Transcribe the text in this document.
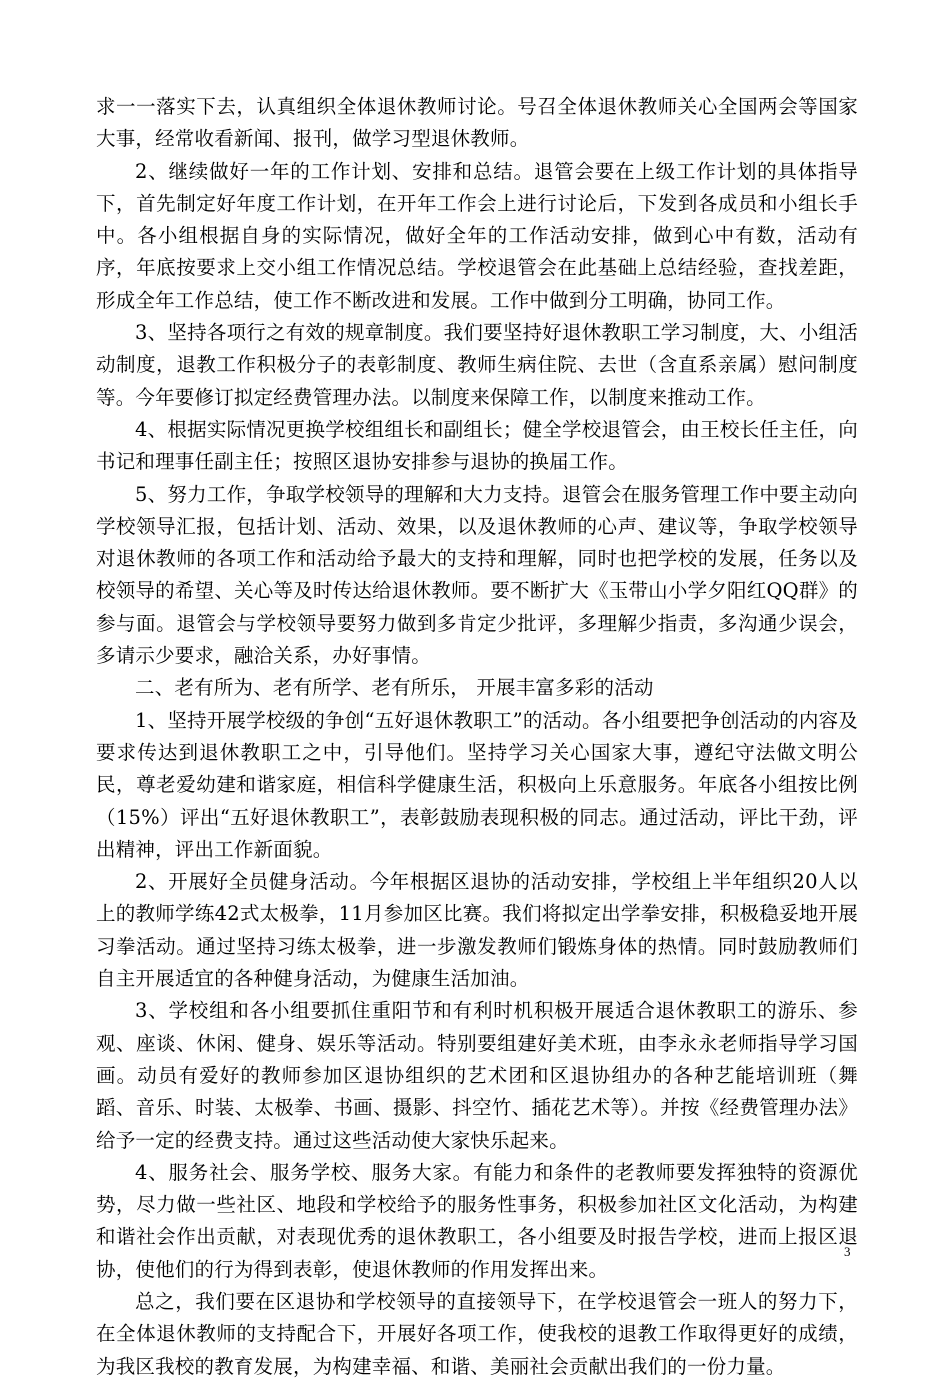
求一一落实下去，认真组织全体退休教师讨论。号召全体退休教师关心全国两会等国家大事，经常收看新闻、报刊，做学习型退休教师。

2、继续做好一年的工作计划、安排和总结。退管会要在上级工作计划的具体指导下，首先制定好年度工作计划，在开年工作会上进行讨论后，下发到各成员和小组长手中。各小组根据自身的实际情况，做好全年的工作活动安排，做到心中有数，活动有序，年底按要求上交小组工作情况总结。学校退管会在此基础上总结经验，查找差距，形成全年工作总结，使工作不断改进和发展。工作中做到分工明确，协同工作。

3、坚持各项行之有效的规章制度。我们要坚持好退休教职工学习制度，大、小组活动制度，退教工作积极分子的表彰制度、教师生病住院、去世（含直系亲属）慰问制度等。今年要修订拟定经费管理办法。以制度来保障工作，以制度来推动工作。

4、根据实际情况更换学校组组长和副组长；健全学校退管会，由王校长任主任，向书记和理事任副主任；按照区退协安排参与退协的换届工作。

5、努力工作，争取学校领导的理解和大力支持。退管会在服务管理工作中要主动向学校领导汇报，包括计划、活动、效果，以及退休教师的心声、建议等，争取学校领导对退休教师的各项工作和活动给予最大的支持和理解，同时也把学校的发展，任务以及校领导的希望、关心等及时传达给退休教师。要不断扩大《玉带山小学夕阳红QQ群》的参与面。退管会与学校领导要努力做到多肯定少批评，多理解少指责，多沟通少误会，多请示少要求，融洽关系，办好事情。

二、老有所为、老有所学、老有所乐， 开展丰富多彩的活动

1、坚持开展学校级的争创“五好退休教职工”的活动。各小组要把争创活动的内容及要求传达到退休教职工之中，引导他们。坚持学习关心国家大事，遵纪守法做文明公民，尊老爱幼建和谐家庭，相信科学健康生活，积极向上乐意服务。年底各小组按比例（15%）评出“五好退休教职工”，表彰鼓励表现积极的同志。通过活动，评比干劲，评出精神，评出工作新面貌。

2、开展好全员健身活动。今年根据区退协的活动安排，学校组上半年组织20人以上的教师学练42式太极拳，11月参加区比赛。我们将拟定出学拳安排，积极稳妥地开展习拳活动。通过坚持习练太极拳，进一步激发教师们锻炼身体的热情。同时鼓励教师们自主开展适宜的各种健身活动，为健康生活加油。

3、学校组和各小组要抓住重阳节和有利时机积极开展适合退休教职工的游乐、参观、座谈、休闲、健身、娱乐等活动。特别要组建好美术班，由李永永老师指导学习国画。动员有爱好的教师参加区退协组织的艺术团和区退协组办的各种艺能培训班（舞蹈、音乐、时装、太极拳、书画、摄影、抖空竹、插花艺术等）。并按《经费管理办法》给予一定的经费支持。通过这些活动使大家快乐起来。

4、服务社会、服务学校、服务大家。有能力和条件的老教师要发挥独特的资源优势，尽力做一些社区、地段和学校给予的服务性事务，积极参加社区文化活动，为构建和谐社会作出贡献，对表现优秀的退休教职工，各小组要及时报告学校，进而上报区退协，使他们的行为得到表彰，使退休教师的作用发挥出来。

总之，我们要在区退协和学校领导的直接领导下，在学校退管会一班人的努力下，在全体退休教师的支持配合下，开展好各项工作，使我校的退教工作取得更好的成绩，为我区我校的教育发展，为构建幸福、和谐、美丽社会贡献出我们的一份力量。

3
